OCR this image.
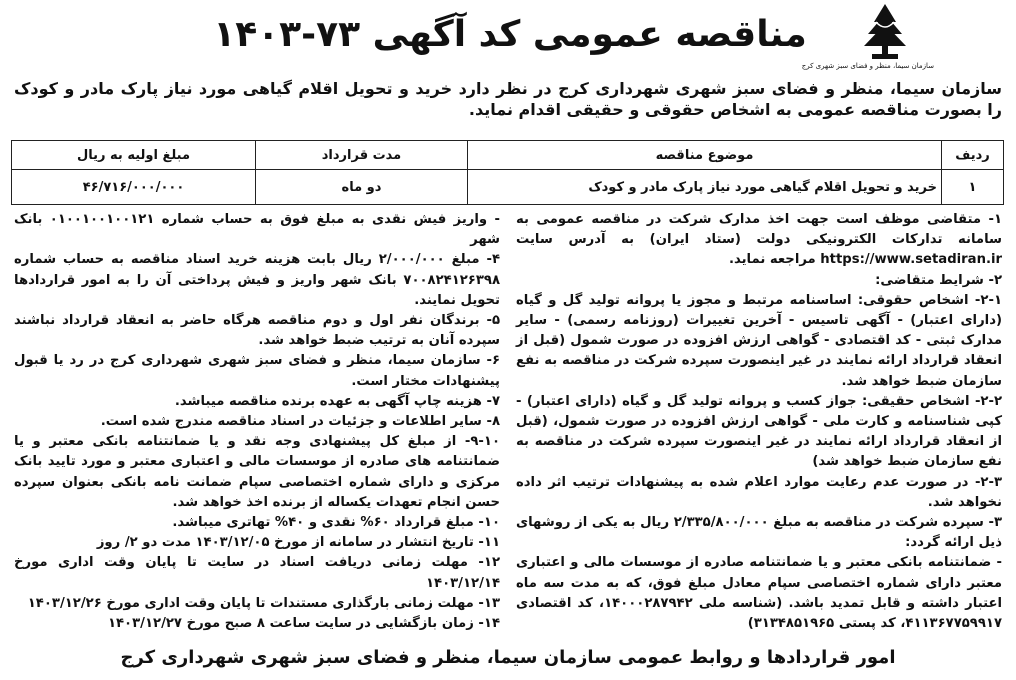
سازمان سیما، منظر و فضای سبز شهری کرج
مناقصه عمومی کد آگهی ۷۳-۱۴۰۳
سازمان سیما، منظر و فضای سبز شهری شهرداری کرج در نظر دارد خرید و تحویل اقلام گیاهی مورد نیاز پارک مادر و کودک را بصورت مناقصه عمومی به اشخاص حقوقی و حقیقی اقدام نماید.
ردیف	موضوع مناقصه	مدت قرارداد	مبلغ اولیه به ریال
۱	خرید و تحویل اقلام گیاهی مورد نیاز پارک مادر و کودک	دو ماه	۴۶/۷۱۶/۰۰۰/۰۰۰

۱- متقاضی موظف است جهت اخذ مدارک شرکت در مناقصه عمومی به سامانه تدارکات الکترونیکی دولت (ستاد ایران) به آدرس سایت https://www.setadiran.ir مراجعه نماید.

۲- شرایط متقاضی:

۲-۱- اشخاص حقوقی: اساسنامه مرتبط و مجوز یا پروانه تولید گل و گیاه (دارای اعتبار) - آگهی تاسیس - آخرین تغییرات (روزنامه رسمی) - سایر مدارک ثبتی - کد اقتصادی - گواهی ارزش افزوده در صورت شمول (قبل از انعقاد قرارداد ارائه نمایند در غیر اینصورت سپرده شرکت در مناقصه به نفع سازمان ضبط خواهد شد.

۲-۲- اشخاص حقیقی: جواز کسب و پروانه تولید گل و گیاه (دارای اعتبار) - کپی شناسنامه و کارت ملی - گواهی ارزش افزوده در صورت شمول، (قبل از انعقاد قرارداد ارائه نمایند در غیر اینصورت سپرده شرکت در مناقصه به نفع سازمان ضبط خواهد شد)

۲-۳- در صورت عدم رعایت موارد اعلام شده به پیشنهادات ترتیب اثر داده نخواهد شد.

۳- سپرده شرکت در مناقصه به مبلغ ۲/۳۳۵/۸۰۰/۰۰۰ ریال به یکی از روشهای ذیل ارائه گردد:

- ضمانتنامه بانکی معتبر و یا ضمانتنامه صادره از موسسات مالی و اعتباری معتبر دارای شماره اختصاصی سپام معادل مبلغ فوق، که به مدت سه ماه اعتبار داشته و قابل تمدید باشد. (شناسه ملی ۱۴۰۰۰۲۸۷۹۴۲، کد اقتصادی ۴۱۱۳۶۷۷۵۹۹۱۷، کد پستی ۳۱۳۴۸۵۱۹۶۵)

- واریز فیش نقدی به مبلغ فوق به حساب شماره ۰۱۰۰۱۰۰۱۰۰۱۲۱ بانک شهر

۴- مبلغ ۲/۰۰۰/۰۰۰ ریال بابت هزینه خرید اسناد مناقصه به حساب شماره ۷۰۰۸۲۴۱۲۶۳۹۸ بانک شهر واریز و فیش پرداختی آن را به امور قراردادها تحویل نمایند.

۵- برندگان نفر اول و دوم مناقصه هرگاه حاضر به انعقاد قرارداد نباشند سپرده آنان به ترتیب ضبط خواهد شد.

۶- سازمان سیما، منظر و فضای سبز شهری شهرداری کرج در رد یا قبول پیشنهادات مختار است.

۷- هزینه چاپ آگهی به عهده برنده مناقصه میباشد.

۸- سایر اطلاعات و جزئیات در اسناد مناقصه مندرج شده است.

۹-۱۰- از مبلغ کل پیشنهادی وجه نقد و یا ضمانتنامه بانکی معتبر و یا ضمانتنامه های صادره از موسسات مالی و اعتباری معتبر و مورد تایید بانک مرکزی و دارای شماره اختصاصی سپام ضمانت نامه بانکی بعنوان سپرده حسن انجام تعهدات یکساله از برنده اخذ خواهد شد.

۱۰- مبلغ قرارداد ۶۰% نقدی و ۴۰% تهاتری میباشد.

۱۱- تاریخ انتشار در سامانه از مورخ ۱۴۰۳/۱۲/۰۵ مدت دو ۲/ روز

۱۲- مهلت زمانی دریافت اسناد در سایت تا پایان وقت اداری مورخ ۱۴۰۳/۱۲/۱۴

۱۳- مهلت زمانی بارگذاری مستندات تا پایان وقت اداری مورخ ۱۴۰۳/۱۲/۲۶

۱۴- زمان بازگشایی در سایت ساعت ۸ صبح مورخ ۱۴۰۳/۱۲/۲۷

امور قراردادها و روابط عمومی سازمان سیما، منظر و فضای سبز شهری شهرداری کرج
